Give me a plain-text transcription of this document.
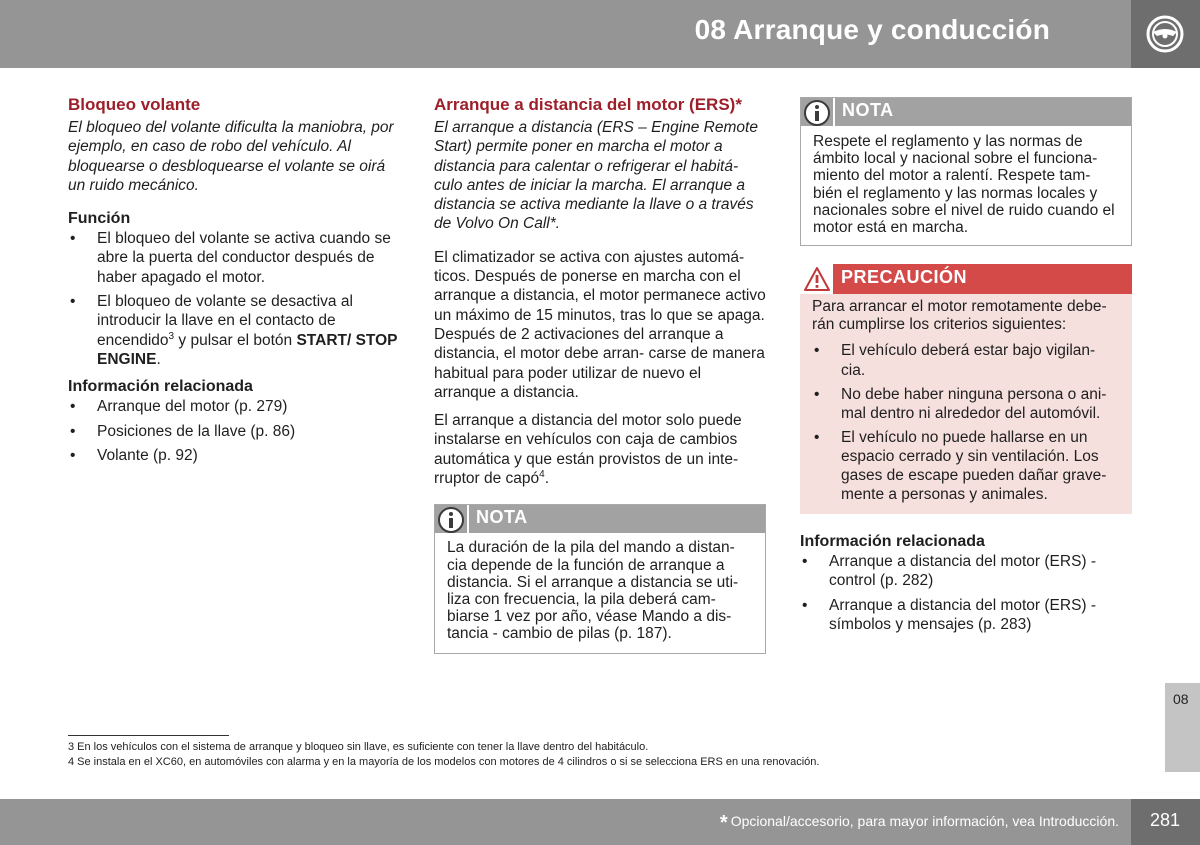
08 Arranque y conducción
Bloqueo volante

El bloqueo del volante dificulta la maniobra, por ejemplo, en caso de robo del vehículo. Al bloquearse o desbloquearse el volante se oirá un ruido mecánico.

Función
• El bloqueo del volante se activa cuando se abre la puerta del conductor después de haber apagado el motor.
• El bloqueo de volante se desactiva al introducir la llave en el contacto de encendido$^3$ y pulsar el botón START/ STOP ENGINE.
Información relacionada
• Arranque del motor (p. 279)
• Posiciones de la llave (p. 86)
• Volante (p. 92)
Arranque a distancia del motor (ERS)*

El arranque a distancia (ERS – Engine Remote Start) permite poner en marcha el motor a distancia para calentar o refrigerar el habitá- culo antes de iniciar la marcha. El arranque a distancia se activa mediante la llave o a través de Volvo On Call*.

El climatizador se activa con ajustes automá- ticos. Después de ponerse en marcha con el arranque a distancia, el motor permanece activo un máximo de 15 minutos, tras lo que se apaga. Después de 2 activaciones del arranque a distancia, el motor debe arran- carse de manera habitual para poder utilizar de nuevo el arranque a distancia.

El arranque a distancia del motor solo puede instalarse en vehículos con caja de cambios automática y que están provistos de un inte- rruptor de capó$^4$.

NOTA
La duración de la pila del mando a distan- cia depende de la función de arranque a distancia. Si el arranque a distancia se uti- liza con frecuencia, la pila deberá cam- biarse 1 vez por año, véase Mando a dis- tancia - cambio de pilas (p. 187).
NOTA
Respete el reglamento y las normas de ámbito local y nacional sobre el funciona- miento del motor a ralentí. Respete tam- bién el reglamento y las normas locales y nacionales sobre el nivel de ruido cuando el motor está en marcha.
PRECAUCIÓN

Para arrancar el motor remotamente debe- rán cumplirse los criterios siguientes:

• El vehículo deberá estar bajo vigilan- cia.
• No debe haber ninguna persona o ani- mal dentro ni alrededor del automóvil.
• El vehículo no puede hallarse en un espacio cerrado y sin ventilación. Los gases de escape pueden dañar grave- mente a personas y animales.
Información relacionada
• Arranque a distancia del motor (ERS) - control (p. 282)
• Arranque a distancia del motor (ERS) - símbolos y mensajes (p. 283)
3 En los vehículos con el sistema de arranque y bloqueo sin llave, es suficiente con tener la llave dentro del habitáculo.
4 Se instala en el XC60, en automóviles con alarma y en la mayoría de los modelos con motores de 4 cilindros o si se selecciona ERS en una renovación.
08
* Opcional/accesorio, para mayor información, vea Introducción. 281
